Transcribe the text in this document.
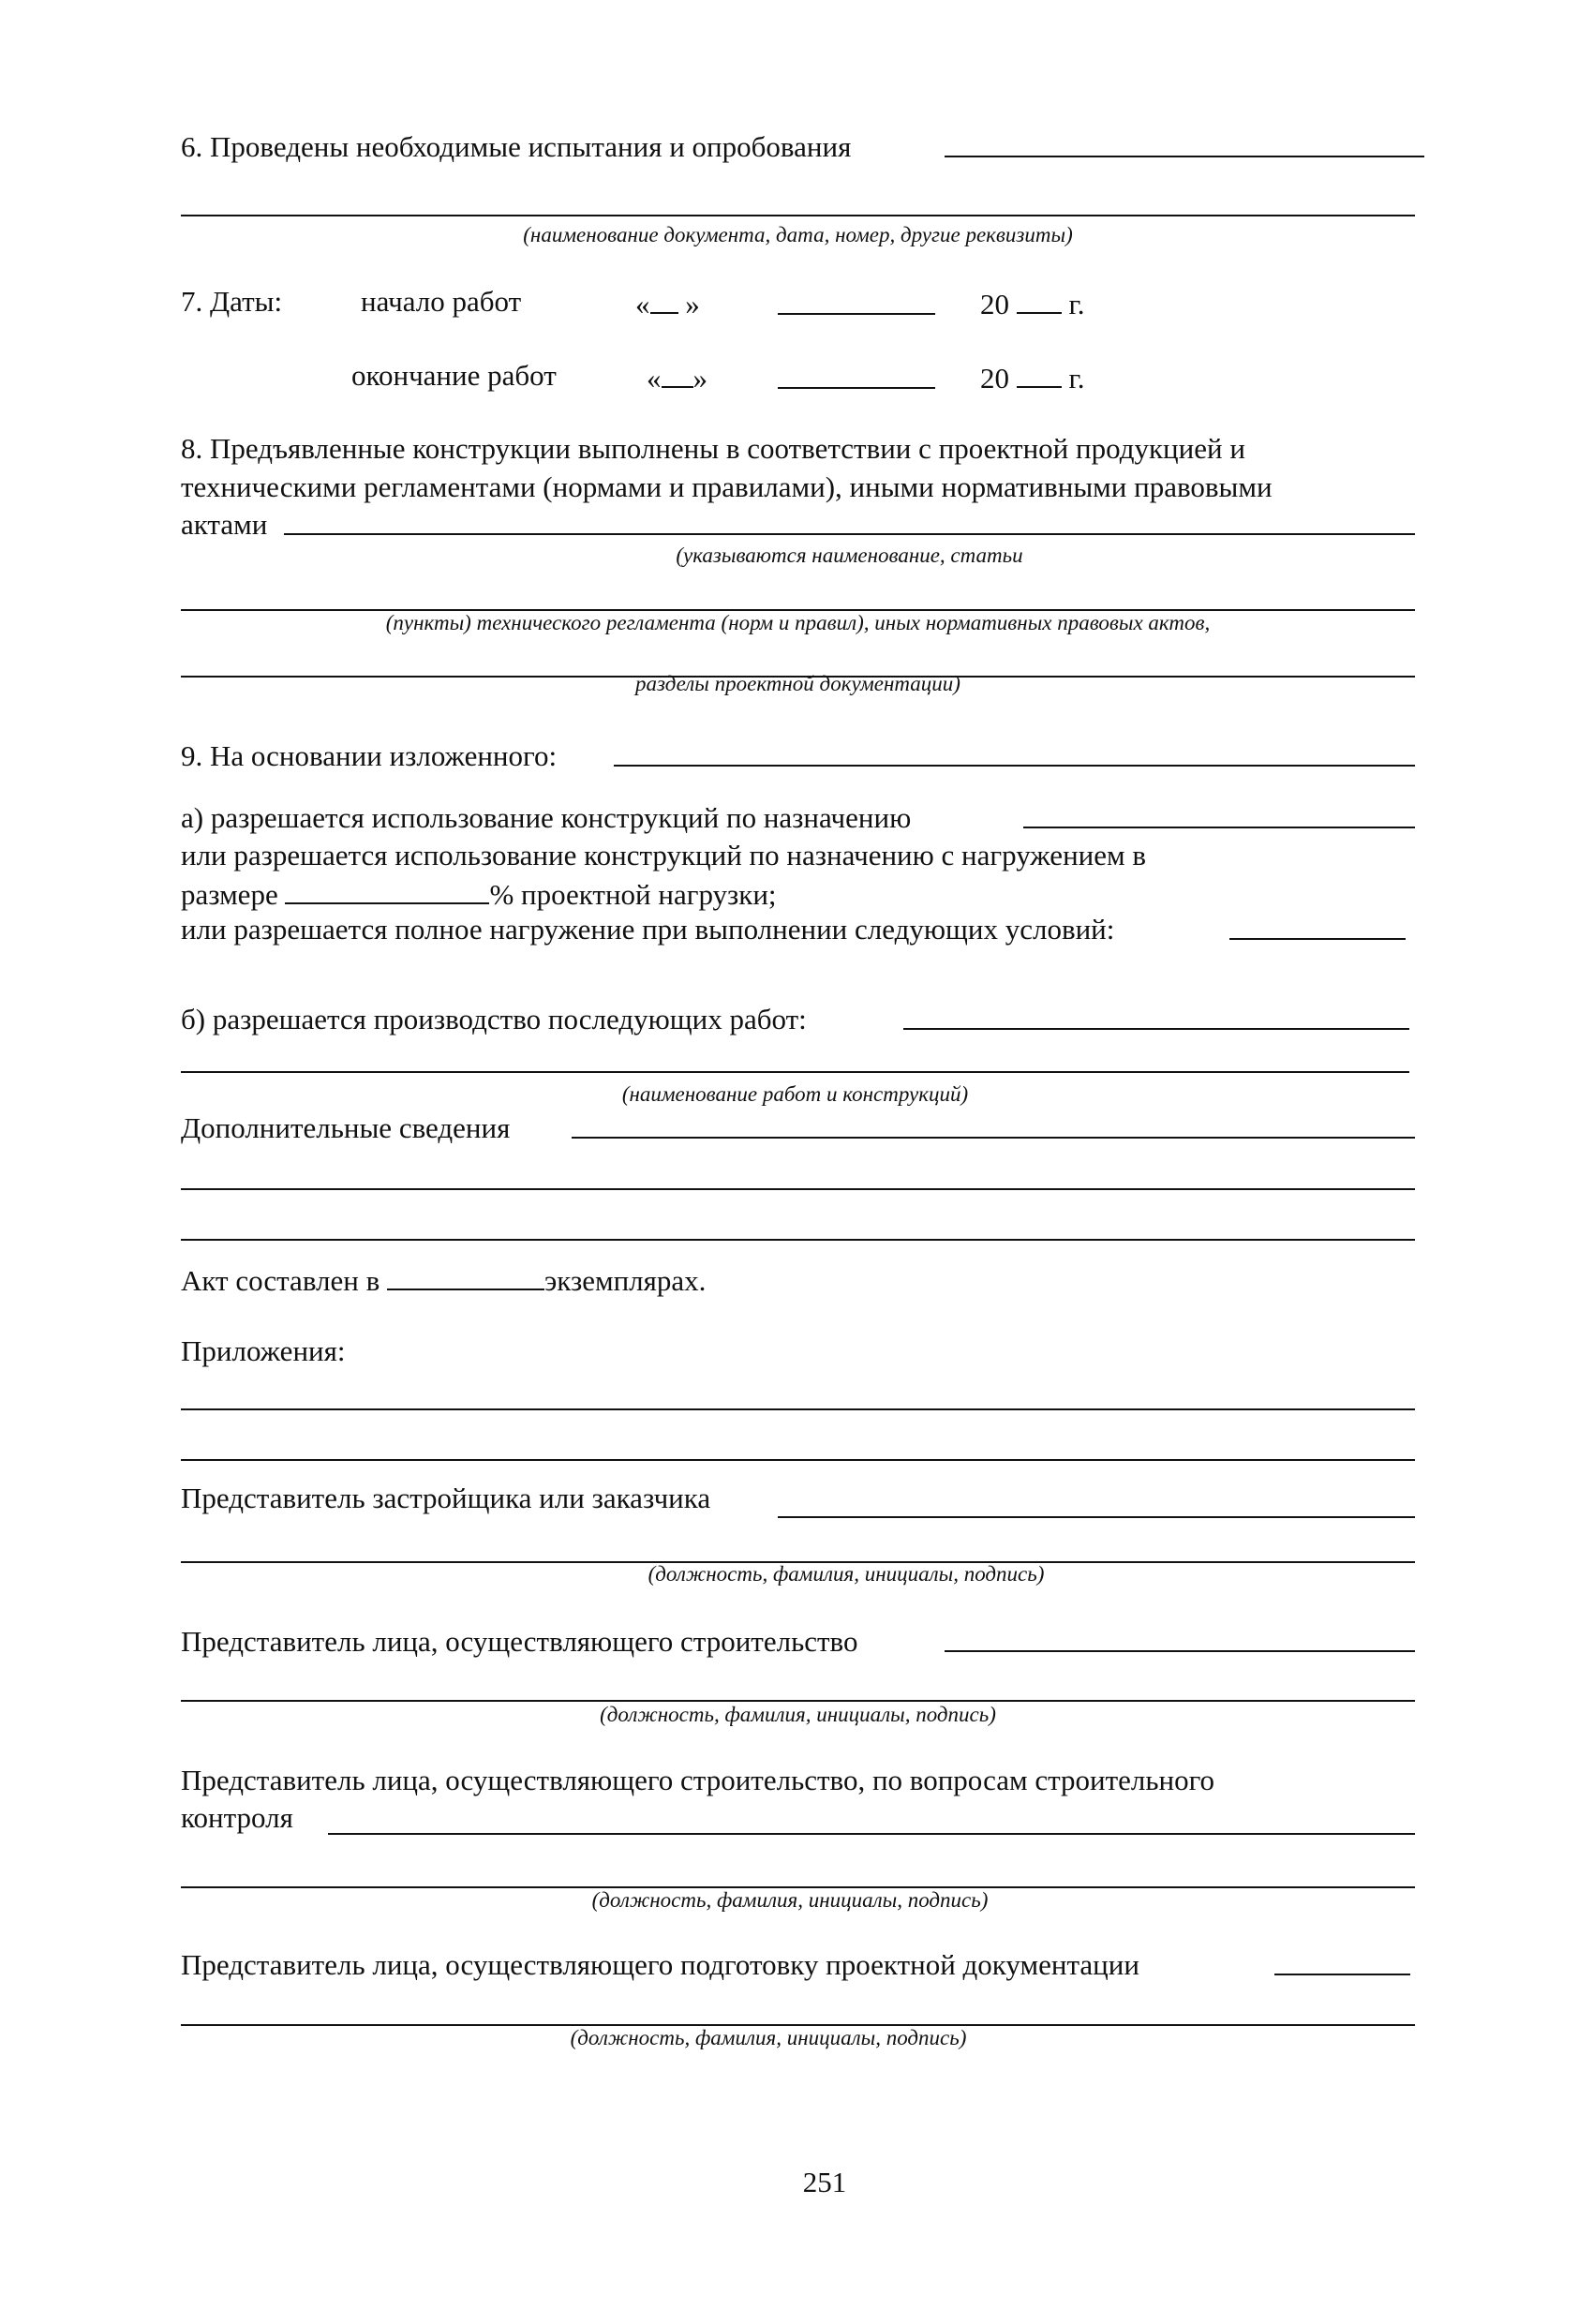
6. Проведены необходимые испытания и опробования
(наименование документа, дата, номер, другие реквизиты)
7. Даты:	начало работ	« »	20 г.
окончание работ	« »	20 г.
8. Предъявленные конструкции выполнены в соответствии с проектной продукцией и
техническими регламентами (нормами и правилами), иными нормативными правовыми
актами
(указываются наименование, статьи
(пункты) технического регламента (норм и правил), иных нормативных правовых актов,
разделы проектной документации)
9. На основании изложенного:
а) разрешается использование конструкций по назначению
или разрешается использование конструкций по назначению с нагружением в
размере	% проектной нагрузки;
или разрешается полное нагружение при выполнении следующих условий:
б) разрешается производство последующих работ:
(наименование работ и конструкций)
Дополнительные сведения
Акт составлен в	экземплярах.
Приложения:
Представитель застройщика или заказчика
(должность, фамилия, инициалы, подпись)
Представитель лица, осуществляющего строительство
(должность, фамилия, инициалы, подпись)
Представитель лица, осуществляющего строительство, по вопросам строительного
контроля
(должность, фамилия, инициалы, подпись)
Представитель лица, осуществляющего подготовку проектной документации
(должность, фамилия, инициалы, подпись)
251
